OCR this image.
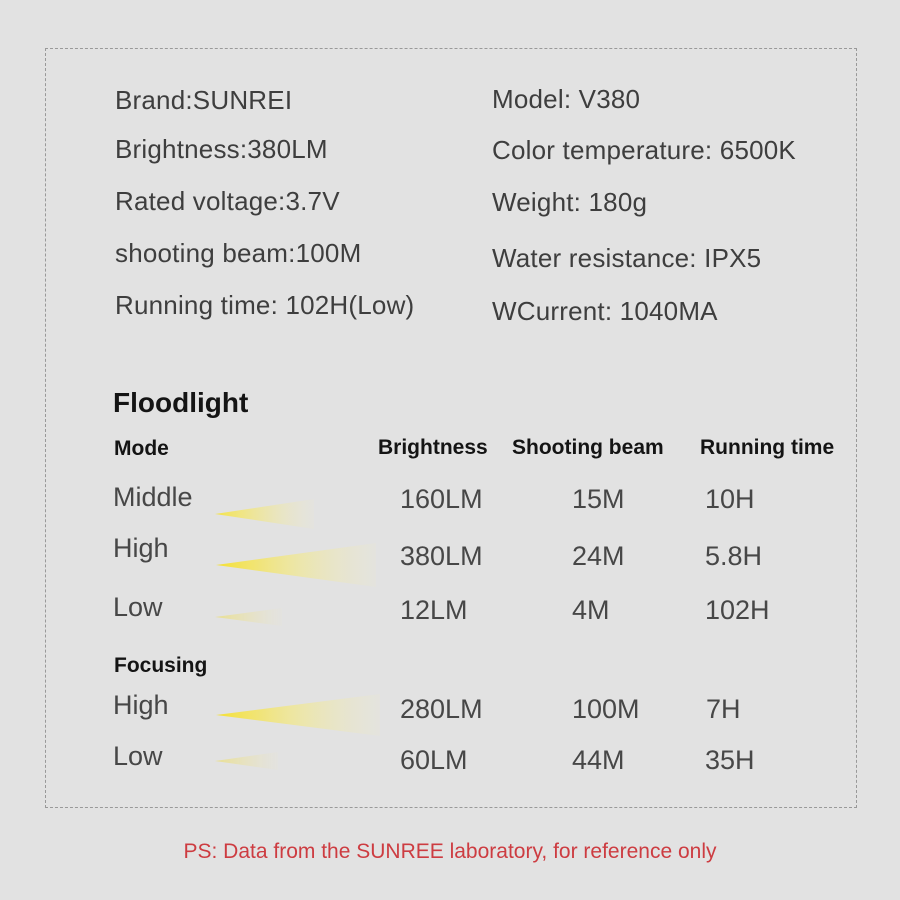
Brand:SUNREI
Brightness:380LM
Rated voltage:3.7V
shooting beam:100M
Running time: 102H(Low)
Model: V380
Color temperature: 6500K
Weight: 180g
Water resistance: IPX5
WCurrent: 1040MA
Floodlight
Mode	Brightness Shooting beam Running time
Middle	160LM	15M	10H
High	380LM	24M	5.8H
Low	12LM	4M	102H
Focusing
High	280LM	100M 7H
Low	60LM	44M	35H
PS: Data from the SUNREE laboratory, for reference only
